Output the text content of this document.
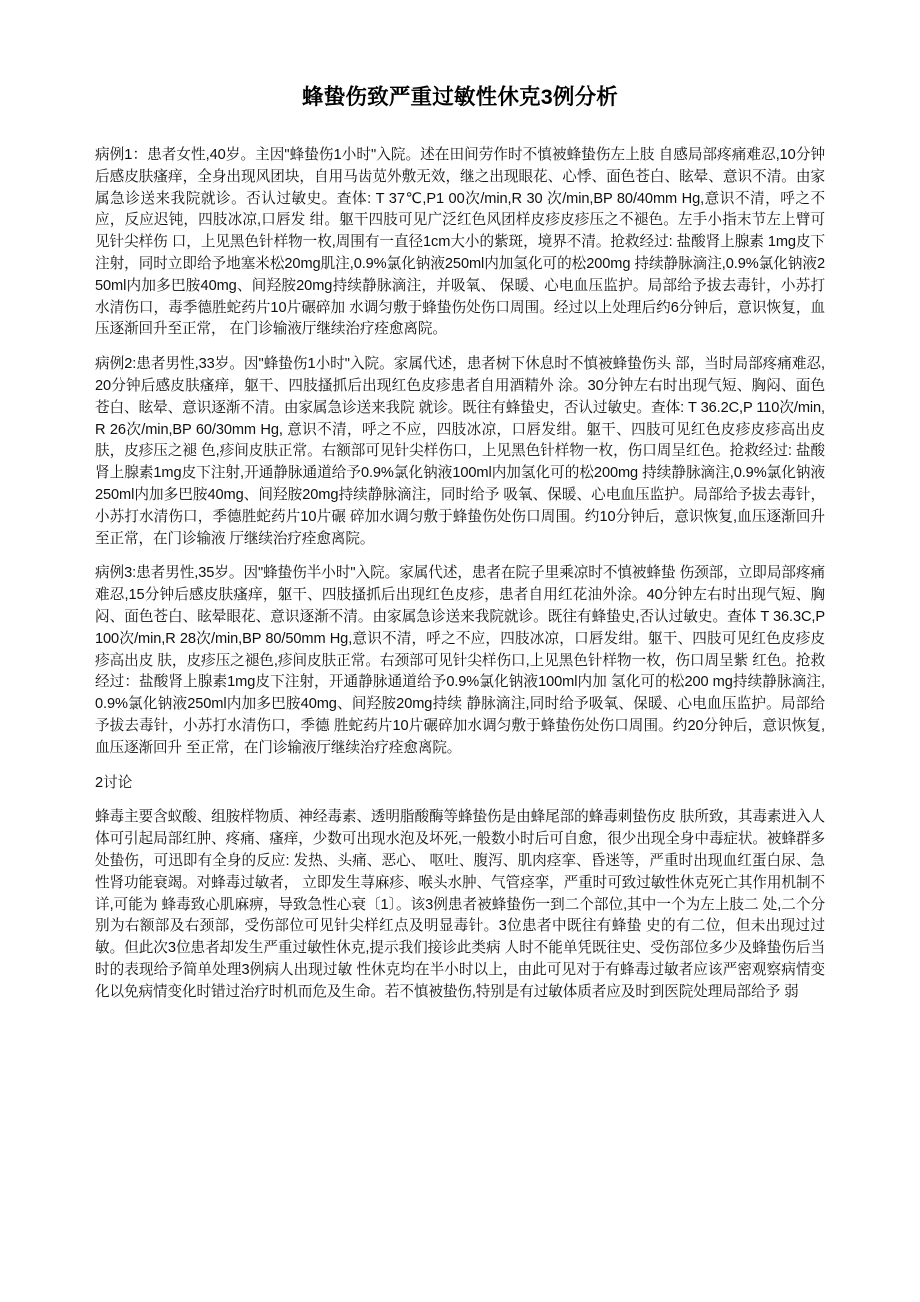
蜂蛰伤致严重过敏性休克3例分析

病例1：患者女性,40岁。主因"蜂蛰伤1小时"入院。述在田间劳作时不慎被蜂蛰伤左上肢 自感局部疼痛难忍,10分钟后感皮肤瘙痒，全身出现风团块，自用马齿苋外敷无效，继之出现眼花、心悸、面色苍白、眩晕、意识不清。由家属急诊送来我院就诊。否认过敏史。查体: T 37℃,P1 00次/min,R 30 次/min,BP 80/40mm Hg,意识不清，呼之不应，反应迟钝，四肢冰凉,口唇发 绀。躯干四肢可见广泛红色风团样皮疹皮疹压之不褪色。左手小指末节左上臂可见针尖样伤 口，上见黑色针样物一枚,周围有一直径1cm大小的紫斑，境界不清。抢救经过: 盐酸肾上腺素 1mg皮下注射，同时立即给予地塞米松20mg肌注,0.9%氯化钠液250ml内加氢化可的松200mg 持续静脉滴注,0.9%氯化钠液250ml内加多巴胺40mg、间羟胺20mg持续静脉滴注，并吸氧、 保暖、心电血压监护。局部给予拔去毒针，小苏打水清伤口，毒季德胜蛇药片10片碾碎加 水调匀敷于蜂蛰伤处伤口周围。经过以上处理后约6分钟后，意识恢复，血压逐渐回升至正常， 在门诊输液厅继续治疗痊愈离院。

病例2:患者男性,33岁。因"蜂蛰伤1小时"入院。家属代述，患者树下休息时不慎被蜂蛰伤头 部，当时局部疼痛难忍,20分钟后感皮肤瘙痒，躯干、四肢搔抓后出现红色皮疹患者自用酒精外 涂。30分钟左右时出现气短、胸闷、面色苍白、眩晕、意识逐渐不清。由家属急诊送来我院 就诊。既往有蜂蛰史，否认过敏史。查体: T 36.2C,P 110次/min,R 26次/min,BP 60/30mm Hg, 意识不清，呼之不应，四肢冰凉，口唇发绀。躯干、四肢可见红色皮疹皮疹高出皮肤，皮疹压之褪 色,疹间皮肤正常。右额部可见针尖样伤口，上见黑色针样物一枚，伤口周呈红色。抢救经过: 盐酸肾上腺素1mg皮下注射,开通静脉通道给予0.9%氯化钠液100ml内加氢化可的松200mg 持续静脉滴注,0.9%氯化钠液250ml内加多巴胺40mg、间羟胺20mg持续静脉滴注，同时给予 吸氧、保暖、心电血压监护。局部给予拔去毒针，小苏打水清伤口，季德胜蛇药片10片碾 碎加水调匀敷于蜂蛰伤处伤口周围。约10分钟后，意识恢复,血压逐渐回升至正常，在门诊输液 厅继续治疗痊愈离院。

病例3:患者男性,35岁。因"蜂蛰伤半小时"入院。家属代述，患者在院子里乘凉时不慎被蜂蛰 伤颈部，立即局部疼痛难忍,15分钟后感皮肤瘙痒，躯干、四肢搔抓后出现红色皮疹，患者自用红花油外涂。40分钟左右时出现气短、胸闷、面色苍白、眩晕眼花、意识逐渐不清。由家属急诊送来我院就诊。既往有蜂蛰史,否认过敏史。查体 T 36.3C,P 100次/min,R 28次/min,BP 80/50mm Hg,意识不清，呼之不应，四肢冰凉，口唇发绀。躯干、四肢可见红色皮疹皮疹高出皮 肤，皮疹压之褪色,疹间皮肤正常。右颈部可见针尖样伤口,上见黑色针样物一枚，伤口周呈紫 红色。抢救经过：盐酸肾上腺素1mg皮下注射，开通静脉通道给予0.9%氯化钠液100ml内加 氢化可的松200 mg持续静脉滴注,0.9%氯化钠液250ml内加多巴胺40mg、间羟胺20mg持续 静脉滴注,同时给予吸氧、保暖、心电血压监护。局部给予拔去毒针，小苏打水清伤口，季德 胜蛇药片10片碾碎加水调匀敷于蜂蛰伤处伤口周围。约20分钟后，意识恢复,血压逐渐回升 至正常，在门诊输液厅继续治疗痊愈离院。

2讨论

蜂毒主要含蚁酸、组胺样物质、神经毒素、透明脂酸酶等蜂蛰伤是由蜂尾部的蜂毒刺蛰伤皮 肤所致，其毒素进入人体可引起局部红肿、疼痛、瘙痒，少数可出现水泡及坏死,一般数小时后可自愈，很少出现全身中毒症状。被蜂群多处蛰伤，可迅即有全身的反应: 发热、头痛、恶心、 呕吐、腹泻、肌肉痉挛、昏迷等，严重时出现血红蛋白尿、急性肾功能衰竭。对蜂毒过敏者， 立即发生荨麻疹、喉头水肿、气管痉挛，严重时可致过敏性休克死亡其作用机制不详,可能为 蜂毒致心肌麻痹，导致急性心衰〔1〕。该3例患者被蜂蛰伤一到二个部位,其中一个为左上肢二 处,二个分别为右额部及右颈部，受伤部位可见针尖样红点及明显毒针。3位患者中既往有蜂蛰 史的有二位，但未出现过过敏。但此次3位患者却发生严重过敏性休克,提示我们接诊此类病 人时不能单凭既往史、受伤部位多少及蜂蛰伤后当时的表现给予简单处理3例病人出现过敏 性休克均在半小时以上，由此可见对于有蜂毒过敏者应该严密观察病情变化以免病情变化时错过治疗时机而危及生命。若不慎被蛰伤,特别是有过敏体质者应及时到医院处理局部给予 弱
